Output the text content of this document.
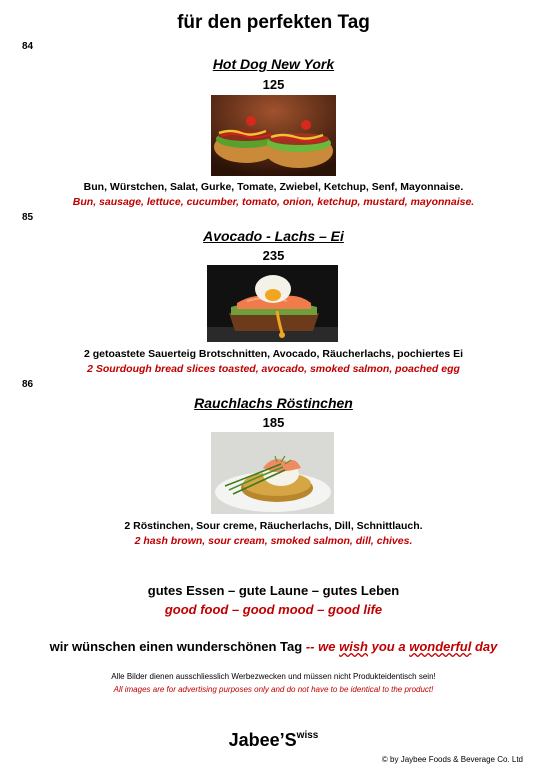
für den perfekten Tag
84
Hot Dog New York
125
Bun, Würstchen, Salat, Gurke, Tomate, Zwiebel, Ketchup, Senf, Mayonnaise.
Bun, sausage, lettuce, cucumber, tomato, onion, ketchup, mustard, mayonnaise.
85
Avocado - Lachs – Ei
235
2 getoastete Sauerteig Brotschnitten, Avocado, Räucherlachs, pochiertes Ei
2 Sourdough bread slices toasted, avocado, smoked salmon, poached egg
86
Rauchlachs Röstinchen
185
2 Röstinchen, Sour creme, Räucherlachs, Dill, Schnittlauch.
2 hash brown, sour cream, smoked salmon, dill, chives.
gutes Essen – gute Laune – gutes Leben
good food – good mood – good life
wir wünschen einen wunderschönen Tag -- we wish you a wonderful day
Alle Bilder dienen ausschliesslich Werbezwecken und müssen nicht Produkteidentisch sein!
All images are for advertising purposes only and do not have to be identical to the product!
$Jabee’S^{wiss}$
© by Jaybee Foods & Beverage Co. Ltd
